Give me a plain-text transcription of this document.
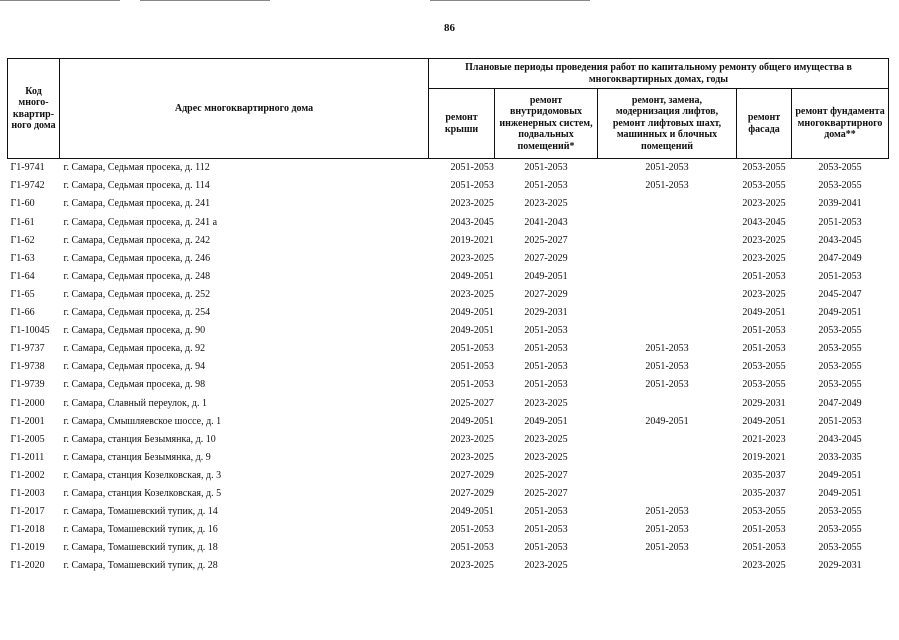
86
Код много-квартир-ного дома	Адрес многоквартирного дома	Плановые периоды проведения работ по капитальному ремонту общего имущества в многоквартирных домах, годы				
		ремонт крыши	ремонт внутридомовых инженерных систем, подвальных помещений*	ремонт, замена, модернизация лифтов, ремонт лифтовых шахт, машинных и блочных помещений	ремонт фасада	ремонт фундамента многоквартирного дома**
Г1-9741	г. Самара, Седьмая просека, д. 112	2051-2053	2051-2053	2051-2053	2053-2055	2053-2055
Г1-9742	г. Самара, Седьмая просека, д. 114	2051-2053	2051-2053	2051-2053	2053-2055	2053-2055
Г1-60	г. Самара, Седьмая просека, д. 241	2023-2025	2023-2025		2023-2025	2039-2041
Г1-61	г. Самара, Седьмая просека, д. 241 а	2043-2045	2041-2043		2043-2045	2051-2053
Г1-62	г. Самара, Седьмая просека, д. 242	2019-2021	2025-2027		2023-2025	2043-2045
Г1-63	г. Самара, Седьмая просека, д. 246	2023-2025	2027-2029		2023-2025	2047-2049
Г1-64	г. Самара, Седьмая просека, д. 248	2049-2051	2049-2051		2051-2053	2051-2053
Г1-65	г. Самара, Седьмая просека, д. 252	2023-2025	2027-2029		2023-2025	2045-2047
Г1-66	г. Самара, Седьмая просека, д. 254	2049-2051	2029-2031		2049-2051	2049-2051
Г1-10045	г. Самара, Седьмая просека, д. 90	2049-2051	2051-2053		2051-2053	2053-2055
Г1-9737	г. Самара, Седьмая просека, д. 92	2051-2053	2051-2053	2051-2053	2051-2053	2053-2055
Г1-9738	г. Самара, Седьмая просека, д. 94	2051-2053	2051-2053	2051-2053	2053-2055	2053-2055
Г1-9739	г. Самара, Седьмая просека, д. 98	2051-2053	2051-2053	2051-2053	2053-2055	2053-2055
Г1-2000	г. Самара, Славный переулок, д. 1	2025-2027	2023-2025		2029-2031	2047-2049
Г1-2001	г. Самара, Смышляевское шоссе, д. 1	2049-2051	2049-2051	2049-2051	2049-2051	2051-2053
Г1-2005	г. Самара, станция Безымянка, д. 10	2023-2025	2023-2025		2021-2023	2043-2045
Г1-2011	г. Самара, станция Безымянка, д. 9	2023-2025	2023-2025		2019-2021	2033-2035
Г1-2002	г. Самара, станция Козелковская, д. 3	2027-2029	2025-2027		2035-2037	2049-2051
Г1-2003	г. Самара, станция Козелковская, д. 5	2027-2029	2025-2027		2035-2037	2049-2051
Г1-2017	г. Самара, Томашевский тупик, д. 14	2049-2051	2051-2053	2051-2053	2053-2055	2053-2055
Г1-2018	г. Самара, Томашевский тупик, д. 16	2051-2053	2051-2053	2051-2053	2051-2053	2053-2055
Г1-2019	г. Самара, Томашевский тупик, д. 18	2051-2053	2051-2053	2051-2053	2051-2053	2053-2055
Г1-2020	г. Самара, Томашевский тупик, д. 28	2023-2025	2023-2025		2023-2025	2029-2031
